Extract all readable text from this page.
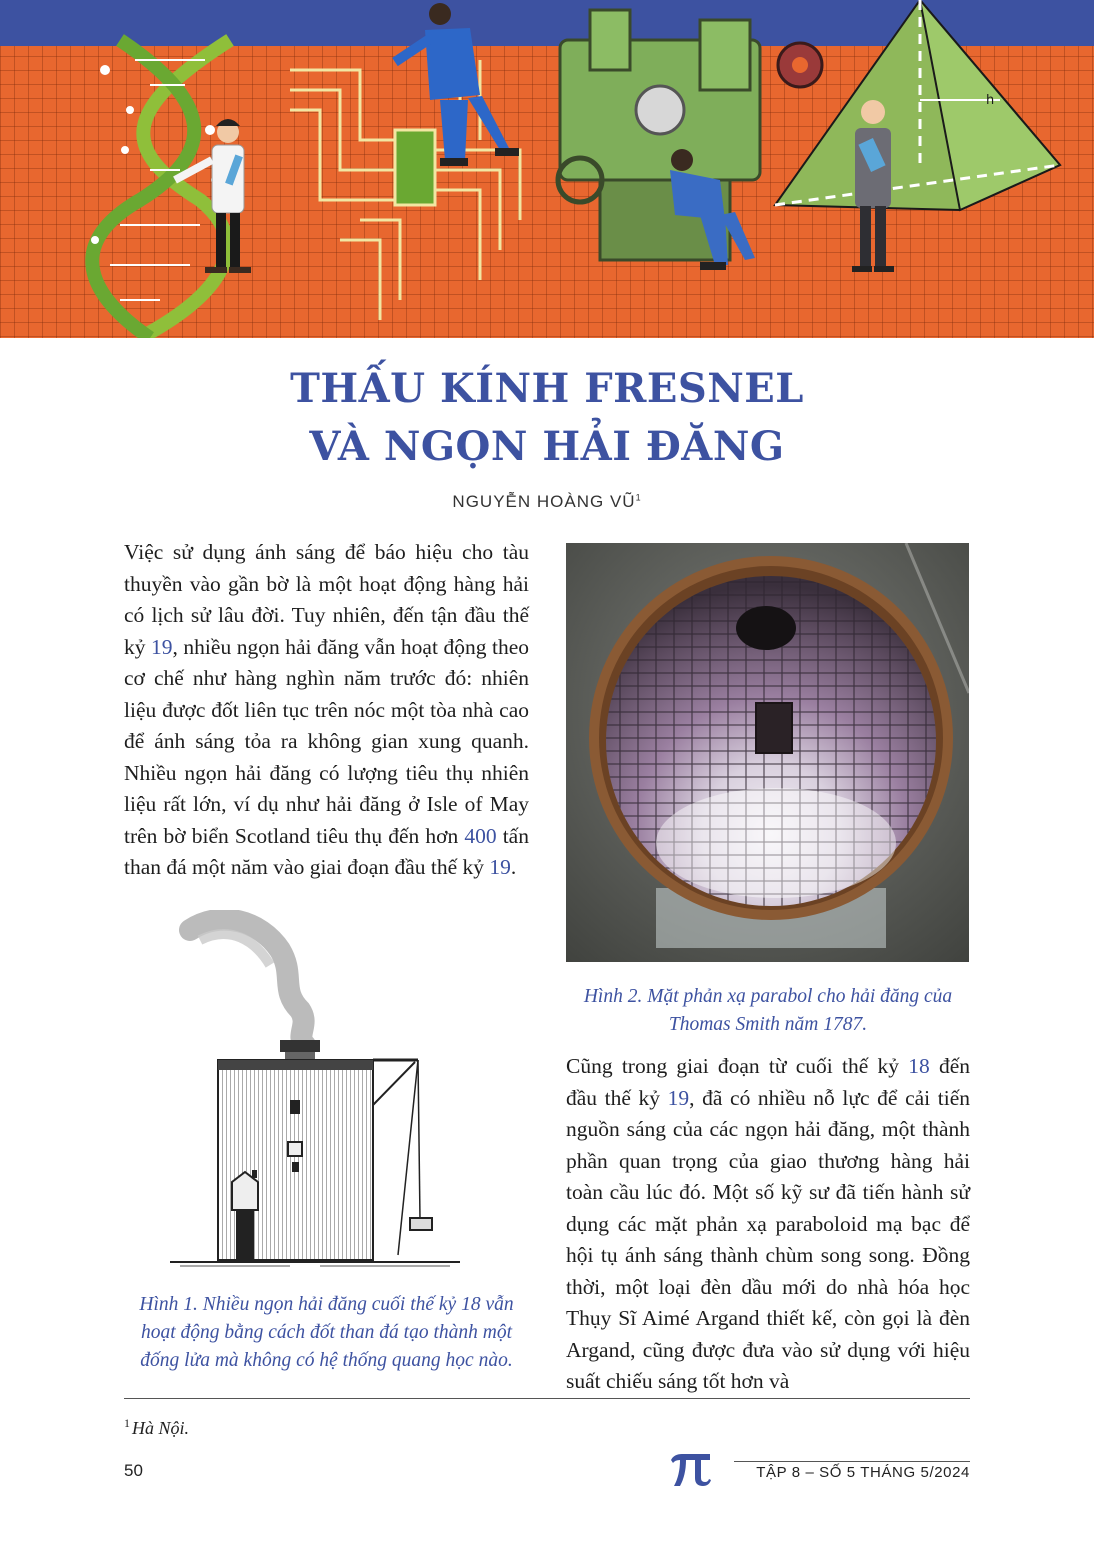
h
THẤU KÍNH FRESNEL
VÀ NGỌN HẢI ĐĂNG
NGUYỄN HOÀNG $VŨ^1$

Việc sử dụng ánh sáng để báo hiệu cho tàu thuyền vào gần bờ là một hoạt động hàng hải có lịch sử lâu đời. Tuy nhiên, đến tận đầu thế kỷ 19, nhiều ngọn hải đăng vẫn hoạt động theo cơ chế như hàng nghìn năm trước đó: nhiên liệu được đốt liên tục trên nóc một tòa nhà cao để ánh sáng tỏa ra không gian xung quanh. Nhiều ngọn hải đăng có lượng tiêu thụ nhiên liệu rất lớn, ví dụ như hải đăng ở Isle of May trên bờ biển Scotland tiêu thụ đến hơn 400 tấn than đá một năm vào giai đoạn đầu thế kỷ 19.

Hình 1. Nhiều ngọn hải đăng cuối thế kỷ 18 vẫn hoạt động bằng cách đốt than đá tạo thành một đống lửa mà không có hệ thống quang học nào.

Hình 2. Mặt phản xạ parabol cho hải đăng của Thomas Smith năm 1787.

Cũng trong giai đoạn từ cuối thế kỷ 18 đến đầu thế kỷ 19, đã có nhiều nỗ lực để cải tiến nguồn sáng của các ngọn hải đăng, một thành phần quan trọng của giao thương hàng hải toàn cầu lúc đó. Một số kỹ sư đã tiến hành sử dụng các mặt phản xạ paraboloid mạ bạc để hội tụ ánh sáng thành chùm song song. Đồng thời, một loại đèn dầu mới do nhà hóa học Thụy Sĩ Aimé Argand thiết kế, còn gọi là đèn Argand, cũng được đưa vào sử dụng với hiệu suất chiếu sáng tốt hơn và

$^1$ Hà Nội.
50	TẬP 8 – SỐ 5 THÁNG 5/2024
